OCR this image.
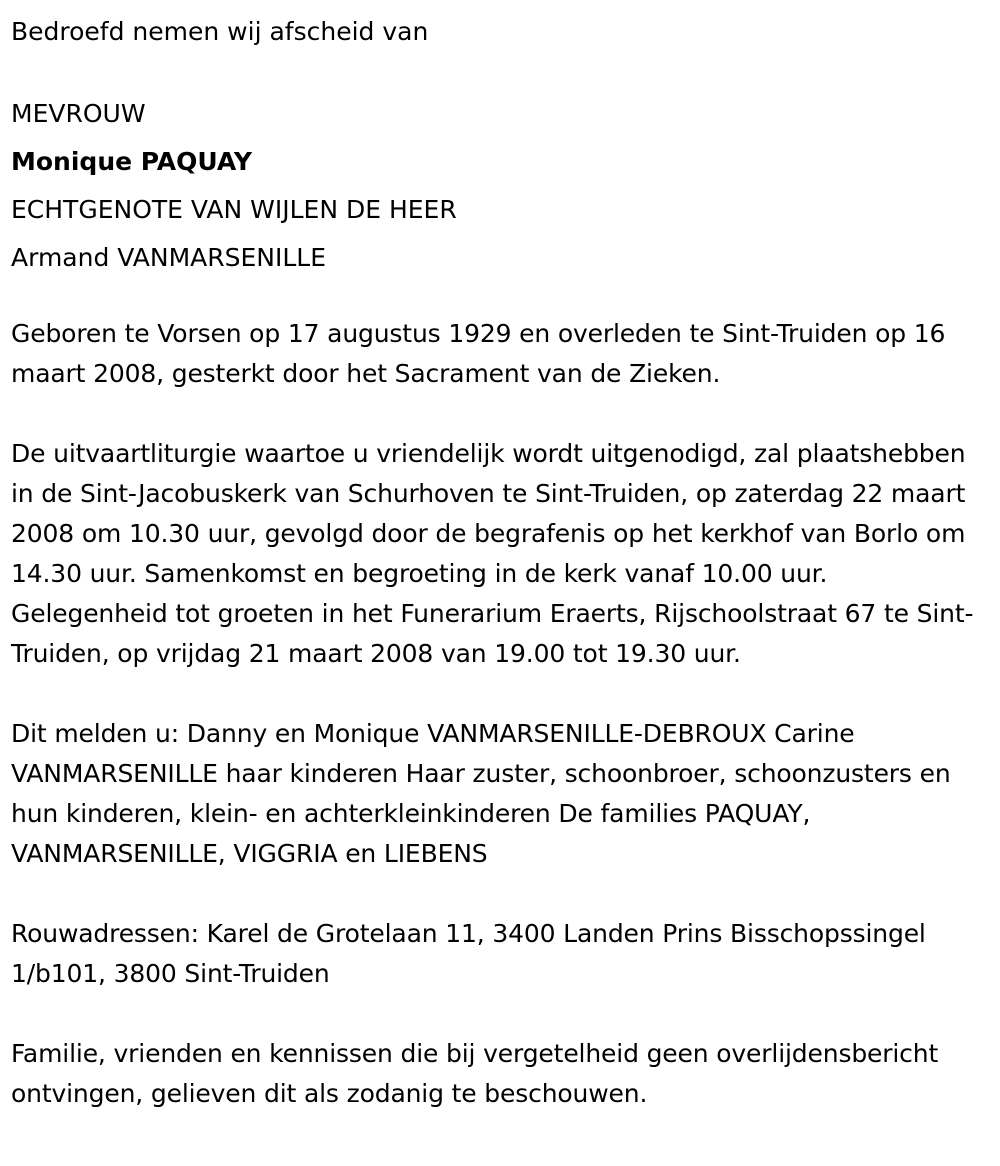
Bedroefd nemen wij afscheid van

MEVROUW

Monique PAQUAY

ECHTGENOTE VAN WIJLEN DE HEER

Armand VANMARSENILLE

Geboren te Vorsen op 17 augustus 1929 en overleden te Sint-Truiden op 16 maart 2008, gesterkt door het Sacrament van de Zieken.

De uitvaartliturgie waartoe u vriendelijk wordt uitgenodigd, zal plaatshebben in de Sint-Jacobuskerk van Schurhoven te Sint-Truiden, op zaterdag 22 maart 2008 om 10.30 uur, gevolgd door de begrafenis op het kerkhof van Borlo om 14.30 uur. Samenkomst en begroeting in de kerk vanaf 10.00 uur. Gelegenheid tot groeten in het Funerarium Eraerts, Rijschoolstraat 67 te Sint-Truiden, op vrijdag 21 maart 2008 van 19.00 tot 19.30 uur.

Dit melden u: Danny en Monique VANMARSENILLE-DEBROUX Carine VANMARSENILLE haar kinderen Haar zuster, schoonbroer, schoonzusters en hun kinderen, klein- en achterkleinkinderen De families PAQUAY, VANMARSENILLE, VIGGRIA en LIEBENS

Rouwadressen: Karel de Grotelaan 11, 3400 Landen Prins Bisschopssingel 1/b101, 3800 Sint-Truiden

Familie, vrienden en kennissen die bij vergetelheid geen overlijdensbericht ontvingen, gelieven dit als zodanig te beschouwen.
